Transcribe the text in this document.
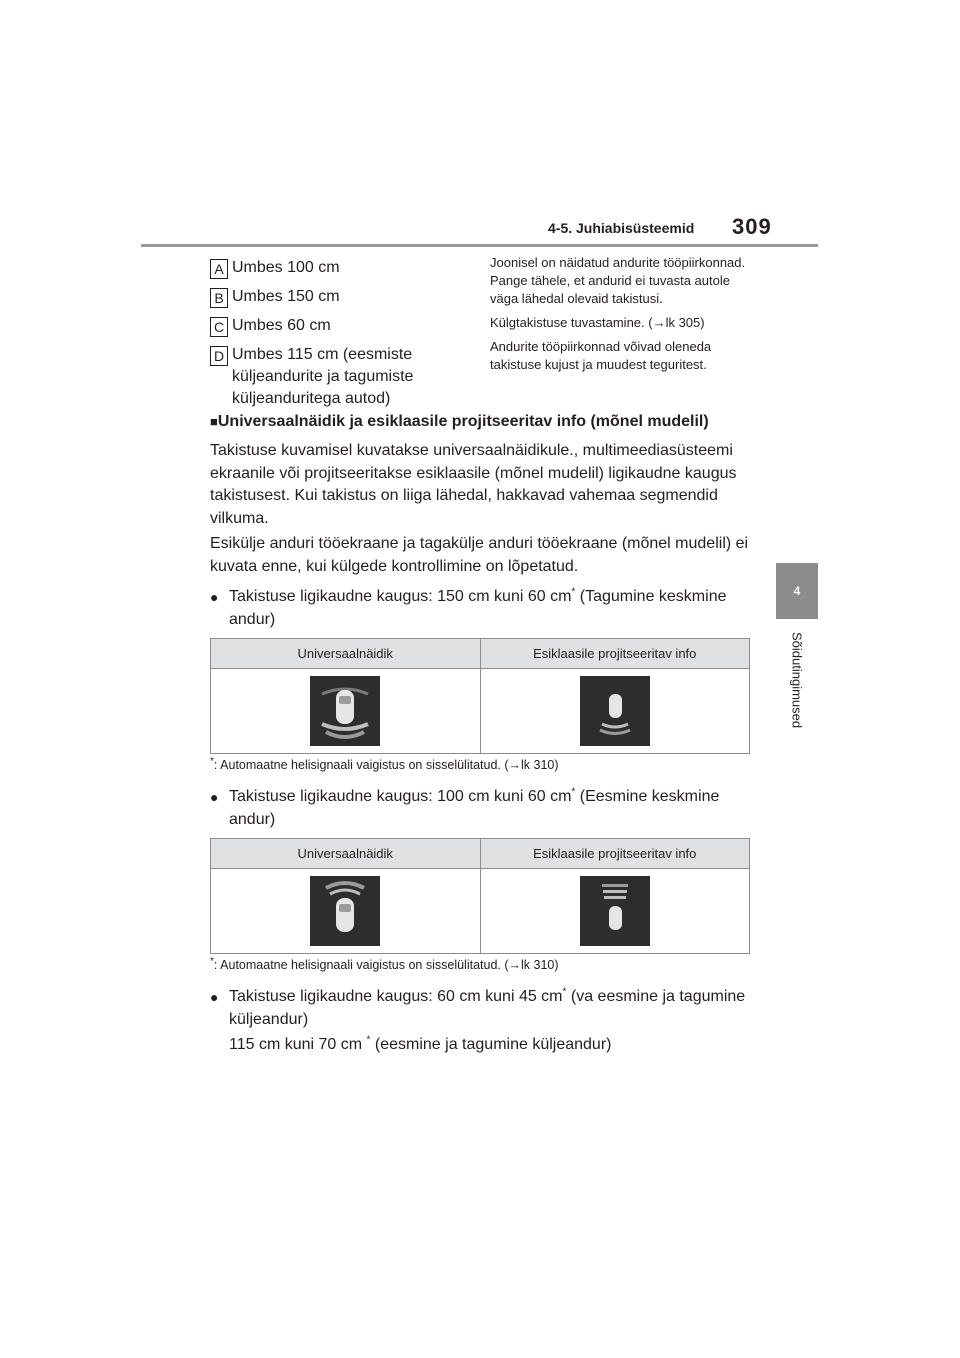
4-5. Juhiabisüsteemid 309
4
Sõidutingimused
A Umbes 100 cm
B Umbes 150 cm
C Umbes 60 cm
D Umbes 115 cm (eesmiste küljeandurite ja tagumiste küljeanduritega autod)

Joonisel on näidatud andurite tööpiirkonnad. Pange tähele, et andurid ei tuvasta autole väga lähedal olevaid takistusi.

Külgtakistuse tuvastamine. (→lk 305)

Andurite tööpiirkonnad võivad oleneda takistuse kujust ja muudest teguritest.

■Universaalnäidik ja esiklaasile projitseeritav info (mõnel mudelil)
Takistuse kuvamisel kuvatakse universaalnäidikule., multimeediasüsteemi ekraanile või projitseeritakse esiklaasile (mõnel mudelil) ligikaudne kaugus takistusest. Kui takistus on liiga lähedal, hakkavad vahemaa segmendid vilkuma.
Esikülje anduri tööekraane ja tagakülje anduri tööekraane (mõnel mudelil) ei kuvata enne, kui külgede kontrollimine on lõpetatud.
● Takistuse ligikaudne kaugus: 150 cm kuni 60 cm* (Tagumine keskmine andur)
Universaalnäidik	Esiklaasile projitseeritav info

*: Automaatne helisignaali vaigistus on sisselülitatud. (→lk 310)
● Takistuse ligikaudne kaugus: 100 cm kuni 60 cm* (Eesmine keskmine andur)
Universaalnäidik	Esiklaasile projitseeritav info

*: Automaatne helisignaali vaigistus on sisselülitatud. (→lk 310)
● Takistuse ligikaudne kaugus: 60 cm kuni 45 cm* (va eesmine ja tagumine küljeandur)
115 cm kuni 70 cm * (eesmine ja tagumine küljeandur)
